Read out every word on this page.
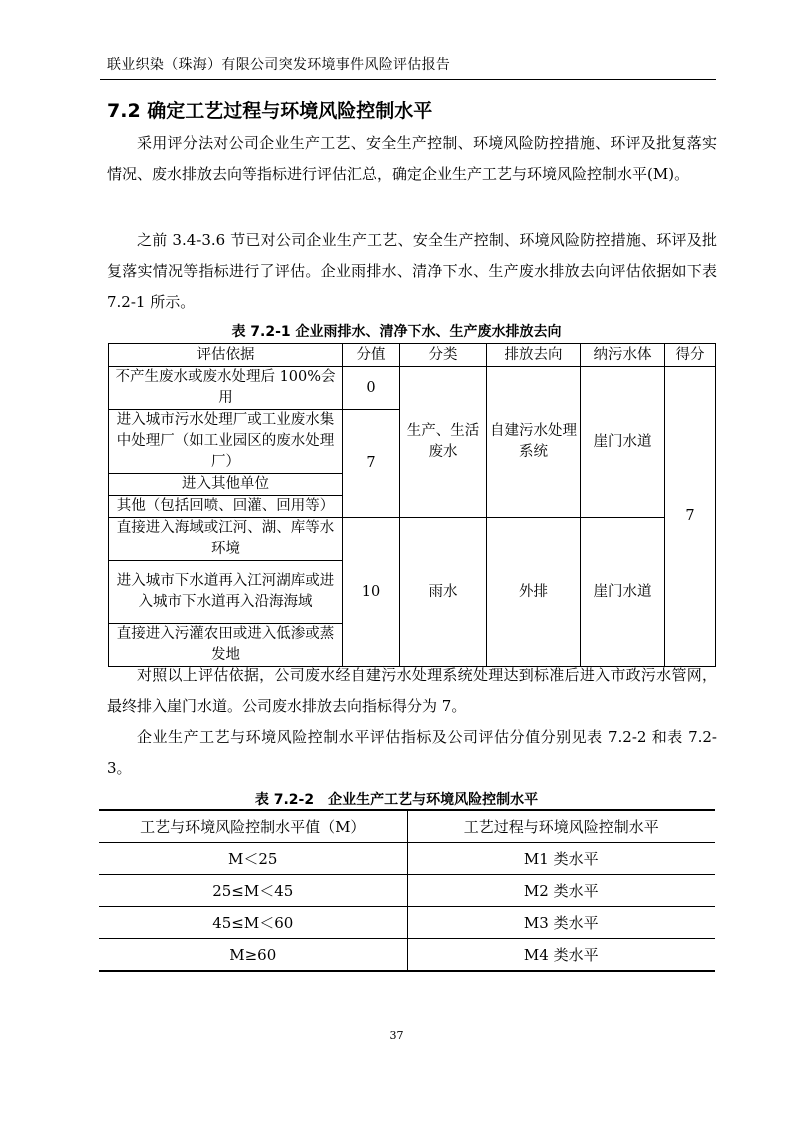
联业织染（珠海）有限公司突发环境事件风险评估报告
7.2 确定工艺过程与环境风险控制水平

采用评分法对公司企业生产工艺、安全生产控制、环境风险防控措施、环评及批复落实情况、废水排放去向等指标进行评估汇总，确定企业生产工艺与环境风险控制水平(M)。

之前 3.4-3.6 节已对公司企业生产工艺、安全生产控制、环境风险防控措施、环评及批复落实情况等指标进行了评估。企业雨排水、清净下水、生产废水排放去向评估依据如下表 7.2-1 所示。

表 7.2-1 企业雨排水、清净下水、生产废水排放去向
评估依据	分值	分类	排放去向	纳污水体	得分
不产生废水或废水处理后 100%会用	0	生产、生活废水	自建污水处理系统	崖门水道	7
进入城市污水处理厂或工业废水集中处理厂（如工业园区的废水处理厂）	7				
进入其他单位					
其他（包括回喷、回灌、回用等）					
直接进入海域或江河、湖、库等水环境	10	雨水	外排	崖门水道	
进入城市下水道再入江河湖库或进入城市下水道再入沿海海域					
直接进入污灌农田或进入低渗或蒸发地					

对照以上评估依据，公司废水经自建污水处理系统处理达到标准后进入市政污水管网，最终排入崖门水道。公司废水排放去向指标得分为 7。

企业生产工艺与环境风险控制水平评估指标及公司评估分值分别见表 7.2-2 和表 7.2-3。

表 7.2-2　企业生产工艺与环境风险控制水平
工艺与环境风险控制水平值（M）	工艺过程与环境风险控制水平
M＜25	M1 类水平
25≤M＜45	M2 类水平
45≤M＜60	M3 类水平
M≥60	M4 类水平
37
